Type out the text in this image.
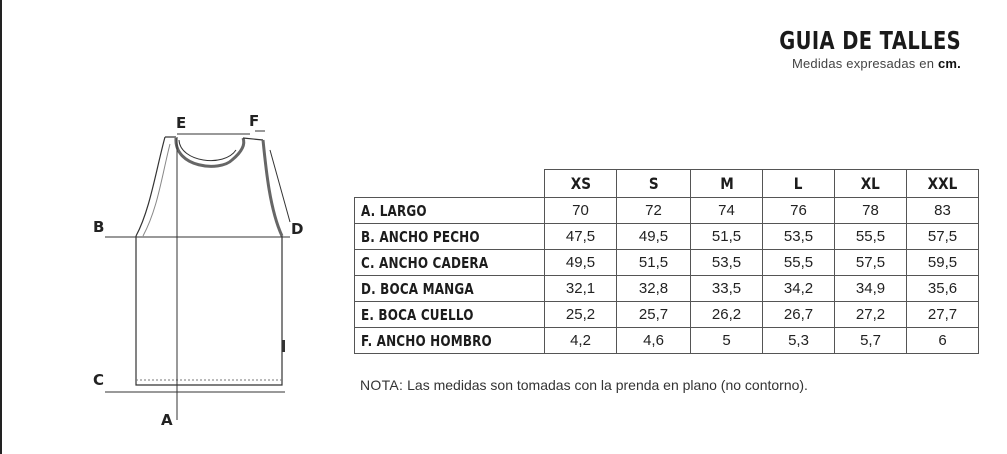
GUIA DE TALLES
Medidas expresadas en cm.
E	F
B	D
C
A
	XS	S	M	L	XL	XXL
A. LARGO	70	72	74	76	78	83
B. ANCHO PECHO	47,5	49,5	51,5	53,5	55,5	57,5
C. ANCHO CADERA	49,5	51,5	53,5	55,5	57,5	59,5
D. BOCA MANGA	32,1	32,8	33,5	34,2	34,9	35,6
E. BOCA CUELLO	25,2	25,7	26,2	26,7	27,2	27,7
F. ANCHO HOMBRO	4,2	4,6	5	5,3	5,7	6
NOTA: Las medidas son tomadas con la prenda en plano (no contorno).
